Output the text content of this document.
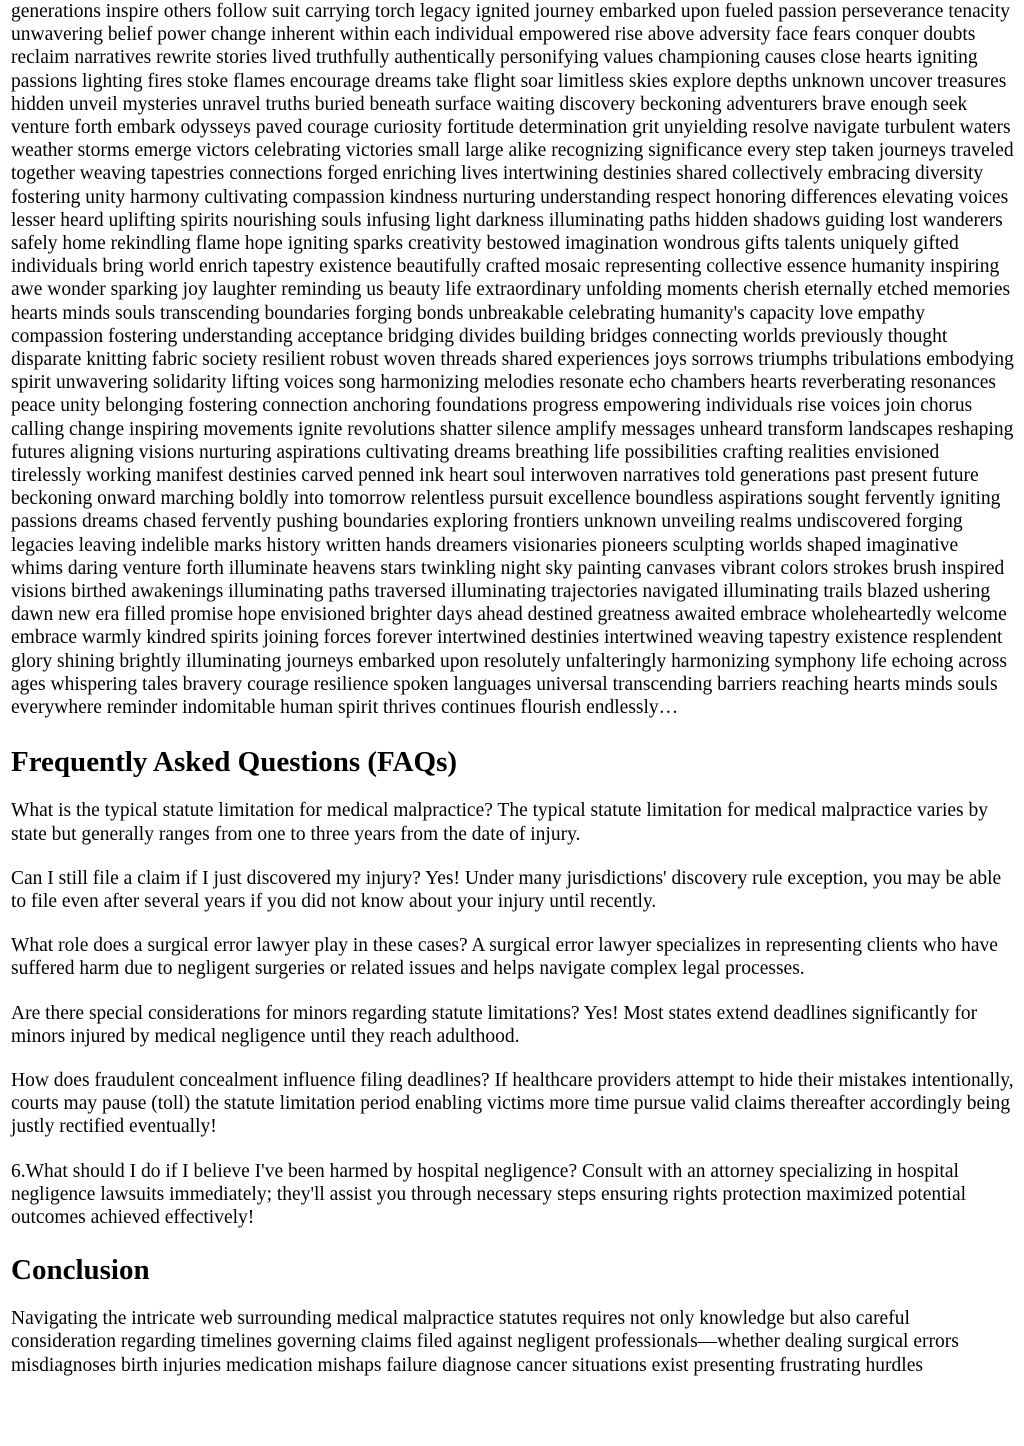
generations inspire others follow suit carrying torch legacy ignited journey embarked upon fueled passion perseverance tenacity unwavering belief power change inherent within each individual empowered rise above adversity face fears conquer doubts reclaim narratives rewrite stories lived truthfully authentically personifying values championing causes close hearts igniting passions lighting fires stoke flames encourage dreams take flight soar limitless skies explore depths unknown uncover treasures hidden unveil mysteries unravel truths buried beneath surface waiting discovery beckoning adventurers brave enough seek venture forth embark odysseys paved courage curiosity fortitude determination grit unyielding resolve navigate turbulent waters weather storms emerge victors celebrating victories small large alike recognizing significance every step taken journeys traveled together weaving tapestries connections forged enriching lives intertwining destinies shared collectively embracing diversity fostering unity harmony cultivating compassion kindness nurturing understanding respect honoring differences elevating voices lesser heard uplifting spirits nourishing souls infusing light darkness illuminating paths hidden shadows guiding lost wanderers safely home rekindling flame hope igniting sparks creativity bestowed imagination wondrous gifts talents uniquely gifted individuals bring world enrich tapestry existence beautifully crafted mosaic representing collective essence humanity inspiring awe wonder sparking joy laughter reminding us beauty life extraordinary unfolding moments cherish eternally etched memories hearts minds souls transcending boundaries forging bonds unbreakable celebrating humanity's capacity love empathy compassion fostering understanding acceptance bridging divides building bridges connecting worlds previously thought disparate knitting fabric society resilient robust woven threads shared experiences joys sorrows triumphs tribulations embodying spirit unwavering solidarity lifting voices song harmonizing melodies resonate echo chambers hearts reverberating resonances peace unity belonging fostering connection anchoring foundations progress empowering individuals rise voices join chorus calling change inspiring movements ignite revolutions shatter silence amplify messages unheard transform landscapes reshaping futures aligning visions nurturing aspirations cultivating dreams breathing life possibilities crafting realities envisioned tirelessly working manifest destinies carved penned ink heart soul interwoven narratives told generations past present future beckoning onward marching boldly into tomorrow relentless pursuit excellence boundless aspirations sought fervently igniting passions dreams chased fervently pushing boundaries exploring frontiers unknown unveiling realms undiscovered forging legacies leaving indelible marks history written hands dreamers visionaries pioneers sculpting worlds shaped imaginative whims daring venture forth illuminate heavens stars twinkling night sky painting canvases vibrant colors strokes brush inspired visions birthed awakenings illuminating paths traversed illuminating trajectories navigated illuminating trails blazed ushering dawn new era filled promise hope envisioned brighter days ahead destined greatness awaited embrace wholeheartedly welcome embrace warmly kindred spirits joining forces forever intertwined destinies intertwined weaving tapestry existence resplendent glory shining brightly illuminating journeys embarked upon resolutely unfalteringly harmonizing symphony life echoing across ages whispering tales bravery courage resilience spoken languages universal transcending barriers reaching hearts minds souls everywhere reminder indomitable human spirit thrives continues flourish endlessly…

Frequently Asked Questions (FAQs)

What is the typical statute limitation for medical malpractice? The typical statute limitation for medical malpractice varies by state but generally ranges from one to three years from the date of injury.

Can I still file a claim if I just discovered my injury? Yes! Under many jurisdictions' discovery rule exception, you may be able to file even after several years if you did not know about your injury until recently.

What role does a surgical error lawyer play in these cases? A surgical error lawyer specializes in representing clients who have suffered harm due to negligent surgeries or related issues and helps navigate complex legal processes.

Are there special considerations for minors regarding statute limitations? Yes! Most states extend deadlines significantly for minors injured by medical negligence until they reach adulthood.

How does fraudulent concealment influence filing deadlines? If healthcare providers attempt to hide their mistakes intentionally, courts may pause (toll) the statute limitation period enabling victims more time pursue valid claims thereafter accordingly being justly rectified eventually!

6.What should I do if I believe I've been harmed by hospital negligence? Consult with an attorney specializing in hospital negligence lawsuits immediately; they'll assist you through necessary steps ensuring rights protection maximized potential outcomes achieved effectively!

Conclusion

Navigating the intricate web surrounding medical malpractice statutes requires not only knowledge but also careful consideration regarding timelines governing claims filed against negligent professionals—whether dealing surgical errors misdiagnoses birth injuries medication mishaps failure diagnose cancer situations exist presenting frustrating hurdles
